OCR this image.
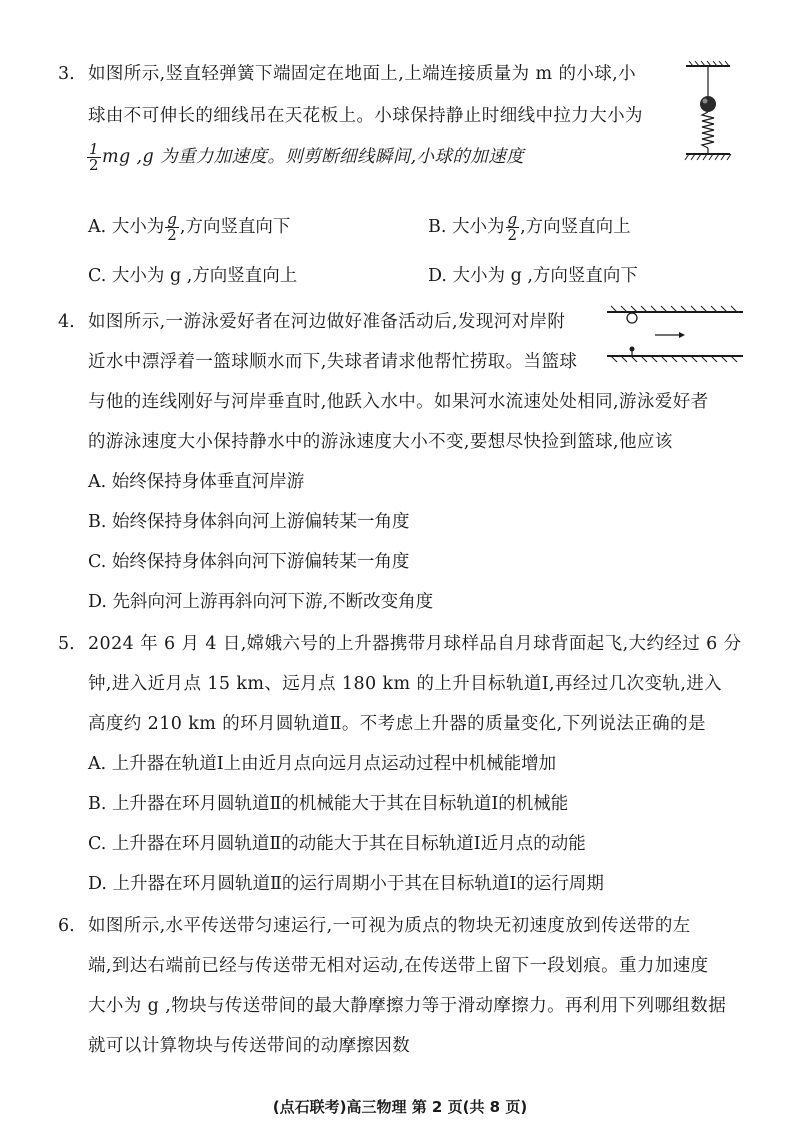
3. 如图所示,竖直轻弹簧下端固定在地面上,上端连接质量为 m 的小球,小
球由不可伸长的细线吊在天花板上。小球保持静止时细线中拉力大小为
$\frac{1}{2}$ mg ,g 为重力加速度。则剪断细线瞬间,小球的加速度
A. 大小为 $\frac{g}{2}$ ,方向竖直向下	B. 大小为 $\frac{g}{2}$ ,方向竖直向上
C. 大小为 g ,方向竖直向上	D. 大小为 g ,方向竖直向下
4. 如图所示,一游泳爱好者在河边做好准备活动后,发现河对岸附
近水中漂浮着一篮球顺水而下,失球者请求他帮忙捞取。当篮球
与他的连线刚好与河岸垂直时,他跃入水中。如果河水流速处处相同,游泳爱好者
的游泳速度大小保持静水中的游泳速度大小不变,要想尽快捡到篮球,他应该
A. 始终保持身体垂直河岸游
B. 始终保持身体斜向河上游偏转某一角度
C. 始终保持身体斜向河下游偏转某一角度
D. 先斜向河上游再斜向河下游,不断改变角度
5. 2024 年 6 月 4 日,嫦娥六号的上升器携带月球样品自月球背面起飞,大约经过 6 分
钟,进入近月点 15 km、远月点 180 km 的上升目标轨道Ⅰ,再经过几次变轨,进入
高度约 210 km 的环月圆轨道Ⅱ。不考虑上升器的质量变化,下列说法正确的是
A. 上升器在轨道Ⅰ上由近月点向远月点运动过程中机械能增加
B. 上升器在环月圆轨道Ⅱ的机械能大于其在目标轨道Ⅰ的机械能
C. 上升器在环月圆轨道Ⅱ的动能大于其在目标轨道Ⅰ近月点的动能
D. 上升器在环月圆轨道Ⅱ的运行周期小于其在目标轨道Ⅰ的运行周期
6. 如图所示,水平传送带匀速运行,一可视为质点的物块无初速度放到传送带的左
端,到达右端前已经与传送带无相对运动,在传送带上留下一段划痕。重力加速度
大小为 g ,物块与传送带间的最大静摩擦力等于滑动摩擦力。再利用下列哪组数据
就可以计算物块与传送带间的动摩擦因数
(点石联考)高三物理 第 2 页(共 8 页)
